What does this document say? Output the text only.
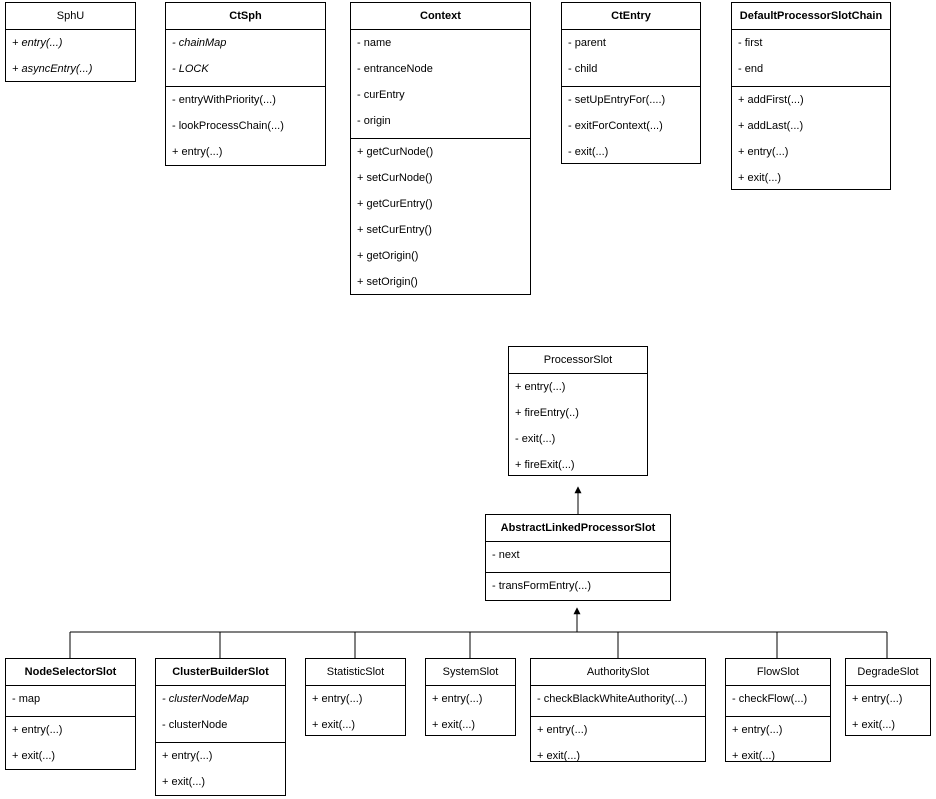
SphU
+ entry(...)
+ asyncEntry(...)
CtSph
- chainMap
- LOCK
- entryWithPriority(...)
- lookProcessChain(...)
+ entry(...)
Context
- name
- entranceNode
- curEntry
- origin
+ getCurNode()
+ setCurNode()
+ getCurEntry()
+ setCurEntry()
+ getOrigin()
+ setOrigin()
CtEntry
- parent
- child
- setUpEntryFor(....)
- exitForContext(...)
- exit(...)
DefaultProcessorSlotChain
- first
- end
+ addFirst(...)
+ addLast(...)
+ entry(...)
+ exit(...)
ProcessorSlot
+ entry(...)
+ fireEntry(..)
- exit(...)
+ fireExit(...)
AbstractLinkedProcessorSlot
- next
- transFormEntry(...)
NodeSelectorSlot
- map
+ entry(...)
+ exit(...)
ClusterBuilderSlot
- clusterNodeMap
- clusterNode
+ entry(...)
+ exit(...)
StatisticSlot
+ entry(...)
+ exit(...)
SystemSlot
+ entry(...)
+ exit(...)
AuthoritySlot
- checkBlackWhiteAuthority(...)
+ entry(...)
+ exit(...)
FlowSlot
- checkFlow(...)
+ entry(...)
+ exit(...)
DegradeSlot
+ entry(...)
+ exit(...)
